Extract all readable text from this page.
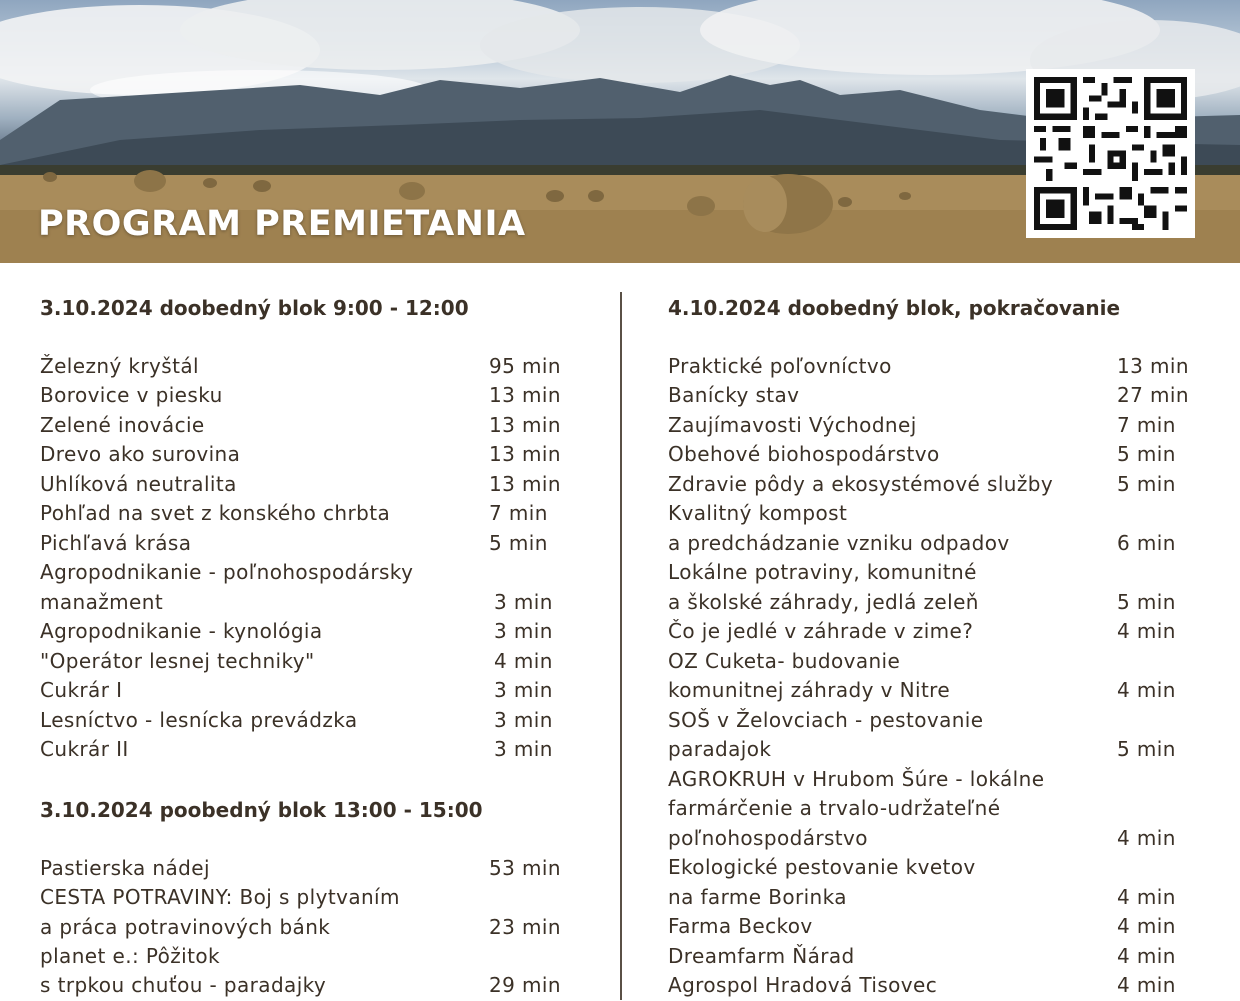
PROGRAM PREMIETANIA
3.10.2024 doobedný blok 9:00 - 12:00
Železný kryštál	95 min
Borovice v piesku	13 min
Zelené inovácie	13 min
Drevo ako surovina	13 min
Uhlíková neutralita	13 min
Pohľad na svet z konského chrbta	7 min
Pichľavá krása	5 min
Agropodnikanie - poľnohospodársky
manažment	3 min
Agropodnikanie - kynológia	3 min
"Operátor lesnej techniky"	4 min
Cukrár I	3 min
Lesníctvo - lesnícka prevádzka	3 min
Cukrár II	3 min
3.10.2024 poobedný blok 13:00 - 15:00
Pastierska nádej	53 min
CESTA POTRAVINY: Boj s plytvaním
a práca potravinových bánk	23 min
planet e.: Pôžitok
s trpkou chuťou - paradajky	29 min
4.10.2024 doobedný blok, pokračovanie
Praktické poľovníctvo	13 min
Banícky stav	27 min
Zaujímavosti Východnej	7 min
Obehové biohospodárstvo	5 min
Zdravie pôdy a ekosystémové služby	5 min
Kvalitný kompost
a predchádzanie vzniku odpadov	6 min
Lokálne potraviny, komunitné
a školské záhrady, jedlá zeleň	5 min
Čo je jedlé v záhrade v zime?	4 min
OZ Cuketa- budovanie
komunitnej záhrady v Nitre	4 min
SOŠ v Želovciach - pestovanie
paradajok	5 min
AGROKRUH v Hrubom Šúre - lokálne
farmárčenie a trvalo-udržateľné
poľnohospodárstvo	4 min
Ekologické pestovanie kvetov
na farme Borinka	4 min
Farma Beckov	4 min
Dreamfarm Ňárad	4 min
Agrospol Hradová Tisovec	4 min
